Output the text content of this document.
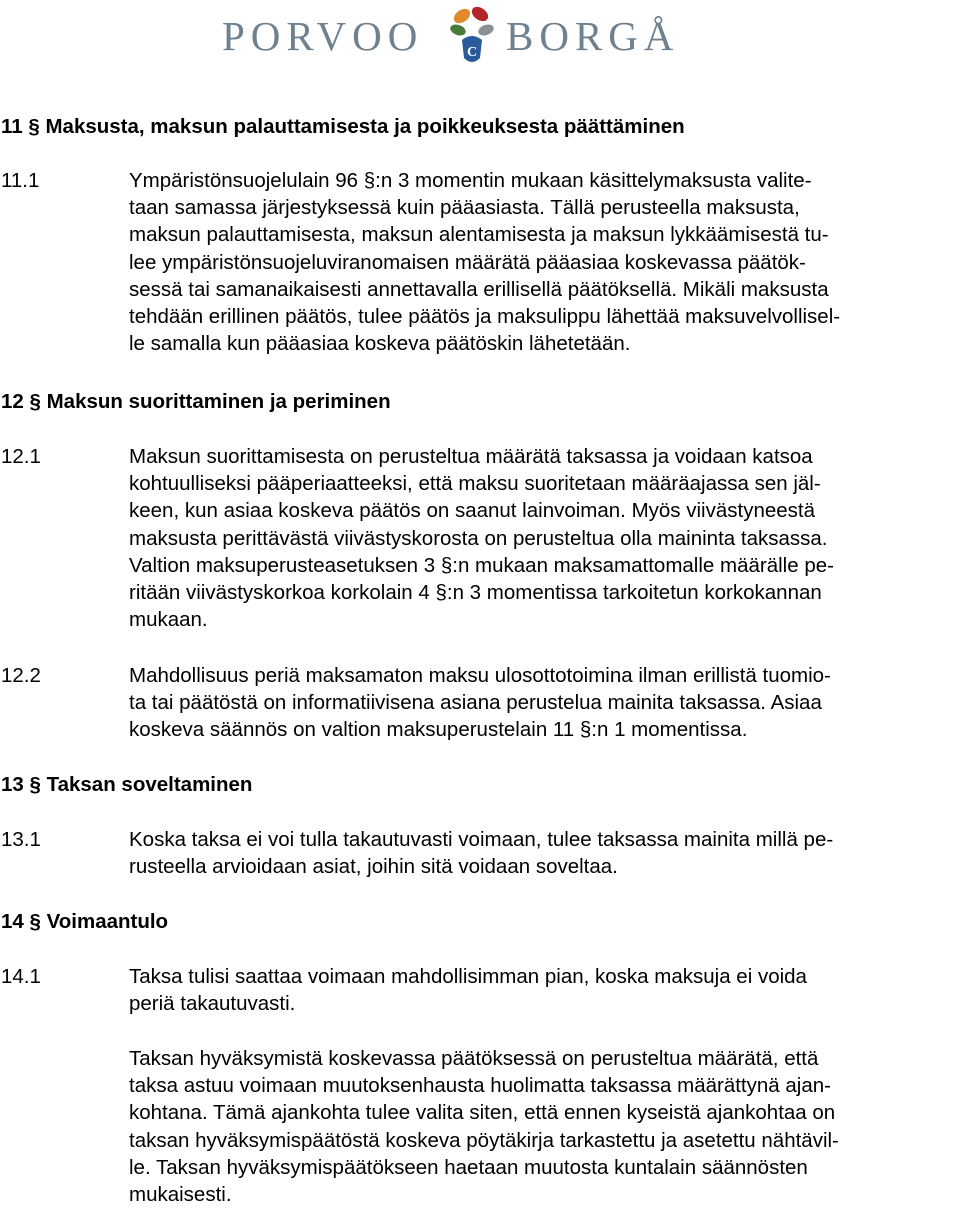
PORVOO	C BORGÅ
11 § Maksusta, maksun palauttamisesta ja poikkeuksesta päättäminen
11.1	Ympäristönsuojelulain 96 §:n 3 momentin mukaan käsittelymaksusta valite-
taan samassa järjestyksessä kuin pääasiasta. Tällä perusteella maksusta,
maksun palauttamisesta, maksun alentamisesta ja maksun lykkäämisestä tu-
lee ympäristönsuojeluviranomaisen määrätä pääasiaa koskevassa päätök-
sessä tai samanaikaisesti annettavalla erillisellä päätöksellä. Mikäli maksusta
tehdään erillinen päätös, tulee päätös ja maksulippu lähettää maksuvelvollisel-
le samalla kun pääasiaa koskeva päätöskin lähetetään.
12 § Maksun suorittaminen ja periminen
12.1	Maksun suorittamisesta on perusteltua määrätä taksassa ja voidaan katsoa
kohtuulliseksi pääperiaatteeksi, että maksu suoritetaan määräajassa sen jäl-
keen, kun asiaa koskeva päätös on saanut lainvoiman. Myös viivästyneestä
maksusta perittävästä viivästyskorosta on perusteltua olla maininta taksassa.
Valtion maksuperusteasetuksen 3 §:n mukaan maksamattomalle määrälle pe-
ritään viivästyskorkoa korkolain 4 §:n 3 momentissa tarkoitetun korkokannan
mukaan.
12.2	Mahdollisuus periä maksamaton maksu ulosottotoimina ilman erillistä tuomio-
ta tai päätöstä on informatiivisena asiana perustelua mainita taksassa. Asiaa
koskeva säännös on valtion maksuperustelain 11 §:n 1 momentissa.
13 § Taksan soveltaminen
13.1	Koska taksa ei voi tulla takautuvasti voimaan, tulee taksassa mainita millä pe-
rusteella arvioidaan asiat, joihin sitä voidaan soveltaa.
14 § Voimaantulo
14.1	Taksa tulisi saattaa voimaan mahdollisimman pian, koska maksuja ei voida
periä takautuvasti.
Taksan hyväksymistä koskevassa päätöksessä on perusteltua määrätä, että
taksa astuu voimaan muutoksenhausta huolimatta taksassa määrättynä ajan-
kohtana. Tämä ajankohta tulee valita siten, että ennen kyseistä ajankohtaa on
taksan hyväksymispäätöstä koskeva pöytäkirja tarkastettu ja asetettu nähtävil-
le. Taksan hyväksymispäätökseen haetaan muutosta kuntalain säännösten
mukaisesti.
